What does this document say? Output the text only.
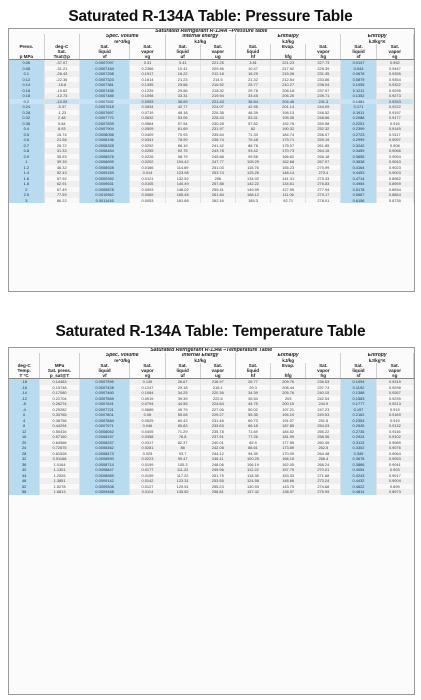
Saturated R-134A Table: Pressure Table
Saturated Refrigerant R-134A –Pressure table										
		Spec. Volume		Internal energy		Enthalpy			Entropy	
		m^3/kg		kJ/kg		kJ/kg			kJ/kg°K	
Press.	deg-C	Sat.	Sat.	Sat.	Sat.	Sat.	Evap.	Sat.	Sat.	Sat.
	Sat.	liquid	vapor	liquid	vapor	liquid		vapor	liquid	vapor
p MPa	Tsat@p	vf	vg	uf	ug	hf	hfg	hg	sf	sg
0.06	-37.07	0.0007097	0.31	3.41	221.25	3.81	221.23	227.73	0.0147	0.952
0.08	-31.21	0.0007184	0.2366	10.41	209.46	10.47	217.92	228.39	0.044	0.9447
0.1	-26.43	0.0007258	0.1917	16.22	212.18	16.29	215.06	231.35	0.0678	0.9395
0.12	-22.36	0.0007323	0.1614	21.23	214.5	21.32	212.54	233.86	0.0879	0.9354
0.14	-18.8	0.0007381	0.1395	25.66	216.52	25.77	210.27	236.04	0.1055	0.9322
0.16	-15.62	0.0007435	0.1229	29.66	218.32	29.78	208.18	237.97	0.1211	0.9295
0.18	-12.73	0.0007485	0.1098	33.31	219.94	33.45	206.26	239.71	0.1352	0.9273
0.2	-10.09	0.0007532	0.0993	36.69	221.43	36.84	204.46	241.3	0.1481	0.9253
0.24	-5.37	0.0007618	0.0834	42.77	224.07	42.95	201.14	244.09	0.171	0.9222
0.28	-1.23	0.0007697	0.0719	48.18	226.38	48.39	198.13	246.52	0.1911	0.9197
0.32	2.48	0.0007770	0.0632	53.06	228.43	53.31	195.35	248.66	0.2088	0.9177
0.36	5.84	0.0007839	0.0564	57.54	230.28	57.82	192.76	250.58	0.2251	0.916
0.4	8.93	0.0007904	0.0509	61.69	231.97	62	190.32	252.32	0.2399	0.9145
0.5	15.74	0.0008056	0.0409	70.93	235.64	71.33	184.74	256.07	0.2723	0.9117
0.6	21.58	0.0008196	0.0341	78.99	238.74	79.48	179.71	259.19	0.2999	0.9097
0.7	26.72	0.0008328	0.0292	86.19	241.42	86.78	175.07	261.85	0.3242	0.908
0.8	31.33	0.0008454	0.0255	92.75	243.78	93.42	170.73	264.15	0.3459	0.9066
0.9	35.53	0.0008576	0.0226	98.79	245.88	99.56	166.62	266.18	0.3656	0.9054
1	39.39	0.0008695	0.0202	104.42	247.77	105.29	162.68	267.97	0.3838	0.9043
1.2	46.32	0.0008928	0.0166	114.69	251.03	115.76	155.23	270.99	0.4164	0.9023
1.4	52.43	0.0009159	0.014	123.98	253.74	125.26	148.14	273.4	0.4453	0.9003
1.6	57.92	0.0009392	0.0121	132.52	256	134.02	141.31	275.33	0.4714	0.8982
1.8	62.91	0.0009631	0.0105	140.49	257.88	142.22	134.61	276.83	0.4954	0.8959
2	67.49	0.0009878	0.0093	148.02	259.41	149.99	127.95	277.94	0.5178	0.8934
2.5	77.59	0.0010562	0.0069	165.48	261.84	168.12	111.06	279.17	0.5687	0.8854
3	86.22	0.0011416	0.0053	181.88	262.16	185.3	92.71	278.01	0.6156	0.8735
Saturated R-134A Table: Temperature Table
Saturated Refrigerant R-134a –Temperature Table										
		Spec. Volume		Internal Energy		Enthalpy			Entropy	
		m^3/kg		kJ/kg		kJ/kg			kJ/kg°K	
deg-C	MPa	Sat.	Sat.	Sat.	Sat.	Sat.	Evap.	Sat.	Sat.	Sat.
Temp.	Sat. press.	liquid	vapor	liquid	vapor	liquid		vapor	liquid	vapor
T °C	p_sat@T	vf	vg	uf	ug	hf	hfg	hg	sf	sg
-18	0.14483	0.0007395	0.135	26.67	216.97	26.77	209.76	236.53	0.1094	0.9315
-16	0.15748	0.0007428	0.1247	29.18	218.1	29.3	208.44	237.74	0.1192	0.9298
-14	0.17080	0.0007460	0.1084	34.25	220.36	34.39	205.76	240.15	0.1388	0.9267
-12	0.21704	0.0007569	0.0919	39.39	222.6	39.54	203	242.54	0.1583	0.9239
-8	0.26274	0.0007641	0.0794	44.56	224.84	44.75	200.15	244.9	0.1777	0.9213
-4	0.29282	0.0007721	0.0689	49.79	227.06	50.02	197.21	247.23	0.197	0.919
0	0.33765	0.0007801	0.06	55.08	229.27	55.35	194.19	249.53	0.2162	0.9169
4	0.38756	0.0007884	0.0525	60.43	231.46	60.73	191.07	251.8	0.2354	0.915
8	0.44294	0.0007971	0.046	65.83	233.63	66.18	187.85	254.03	0.2545	0.9132
12	0.50416	0.0008062	0.0405	71.29	235.78	71.69	184.52	256.22	0.2735	0.9116
16	0.57160	0.0008157	0.0358	76.8	237.91	77.26	181.09	258.36	0.2924	0.9102
20	0.64566	0.0008257	0.0317	82.37	240.01	82.9	177.55	260.45	0.3113	0.9089
24	0.72675	0.0008362	0.0281	88	242.08	88.61	173.89	262.5	0.3302	0.9076
28	0.81528	0.0008473	0.025	93.7	244.12	94.39	170.09	264.48	0.349	0.9064
32	0.91168	0.0008590	0.0223	99.47	246.11	100.25	166.15	266.4	0.3678	0.9053
36	1.0164	0.0008714	0.0199	105.3	248.06	106.19	162.05	268.24	0.3866	0.9041
40	1.1301	0.0008847	0.0177	111.22	249.96	112.22	157.79	270.01	0.4054	0.903
44	1.2526	0.0008989	0.0159	117.22	251.79	118.35	153.33	271.68	0.4243	0.9017
48	1.3851	0.0009142	0.0142	123.31	253.55	124.58	148.66	273.24	0.4432	0.9004
52	1.5278	0.0009308	0.0127	129.51	255.23	130.93	143.75	274.68	0.4622	0.899
56	1.6813	0.0009488	0.0114	135.82	256.81	137.42	138.57	275.99	0.4814	0.8973
